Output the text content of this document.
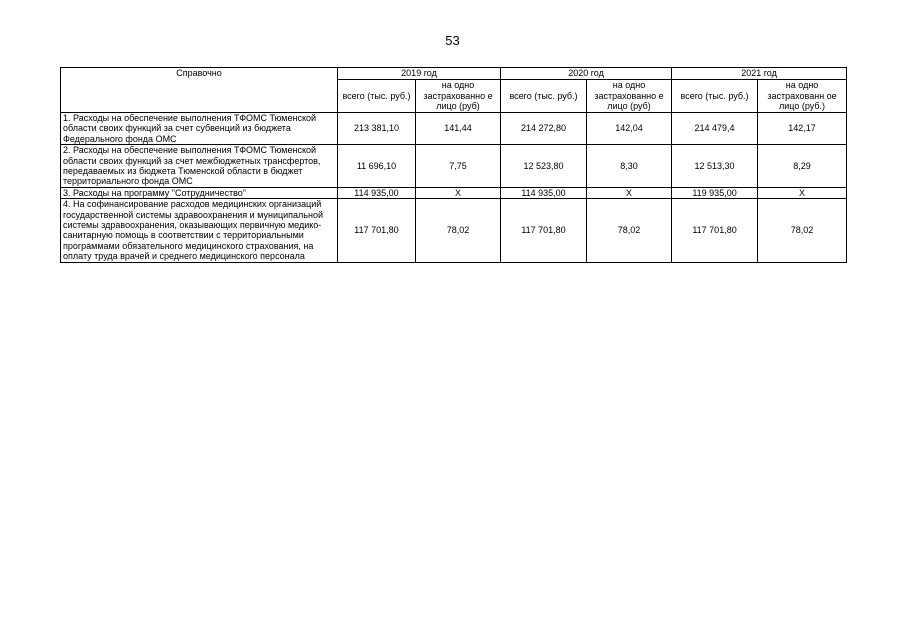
53
Справочно	2019 год		2020 год		2021 год	
	всего (тыс. руб.)	на одно застрахованно е лицо (руб)	всего (тыс. руб.)	на одно застрахованно е лицо (руб)	всего (тыс. руб.)	на одно застрахованн ое лицо (руб.)
1. Расходы на обеспечение выполнения ТФОМС Тюменской области своих функций за счет субвенций из бюджета Федерального фонда ОМС	213 381,10	141,44	214 272,80	142,04	214 479,4	142,17
2. Расходы на обеспечение выполнения ТФОМС Тюменской области своих функций за счет межбюджетных трансфертов, передаваемых из бюджета Тюменской области в бюджет территориального фонда ОМС	11 696,10	7,75	12 523,80	8,30	12 513,30	8,29
3. Расходы на программу "Сотрудничество"	114 935,00	Х	114 935,00	Х	119 935,00	Х
4. На софинансирование расходов медицинских организаций государственной системы здравоохранения и муниципальной системы здравоохранения, оказывающих первичную медико-санитарную помощь в соответствии с территориальными программами обязательного медицинского страхования, на оплату труда врачей и среднего медицинского персонала	117 701,80	78,02	117 701,80	78,02	117 701,80	78,02
